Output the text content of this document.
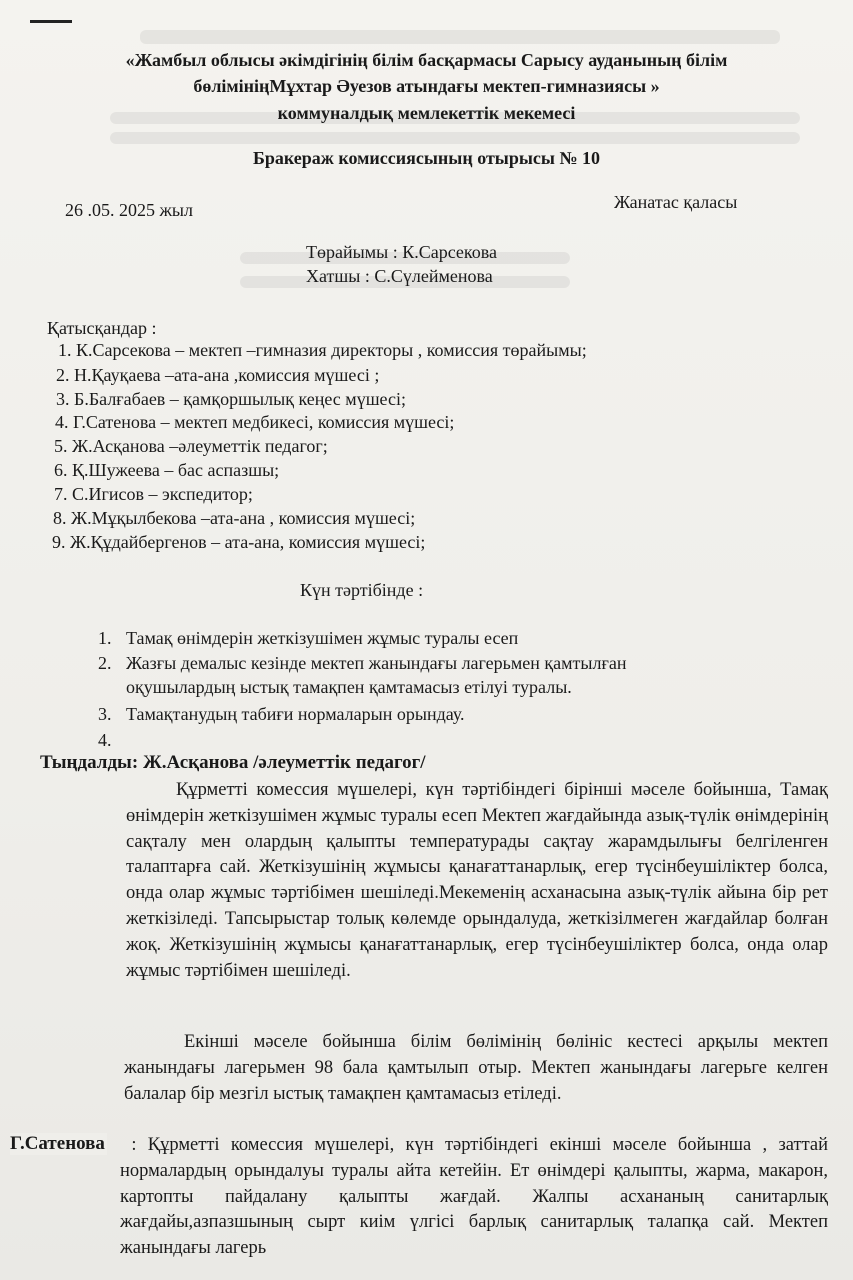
«Жамбыл облысы әкімдігінің білім басқармасы Сарысу ауданының білім
бөлімініңМұхтар Әуезов атындағы мектеп-гимназиясы »
коммуналдық мемлекеттік мекемесі
Бракераж комиссиясының отырысы № 10
26 .05. 2025 жыл	Жанатас қаласы
Төрайымы : К.Сарсекова
Хатшы : С.Сүлейменова
Қатысқандар :
1. К.Сарсекова – мектеп –гимназия директоры , комиссия төрайымы;
2. Н.Қауқаева –ата-ана ,комиссия мүшесі ;
3. Б.Балғабаев – қамқоршылық кеңес мүшесі;
4. Г.Сатенова – мектеп медбикесі, комиссия мүшесі;
5. Ж.Асқанова –әлеуметтік педагог;
6. Қ.Шужеева – бас аспазшы;
7. С.Игисов – экспедитор;
8. Ж.Мұқылбекова –ата-ана , комиссия мүшесі;
9. Ж.Құдайбергенов – ата-ана, комиссия мүшесі;
Күн тәртібінде :
1. Тамақ өнімдерін жеткізушімен жұмыс туралы есеп
2. Жазғы демалыс кезінде мектеп жанындағы лагерьмен қамтылған
оқушылардың ыстық тамақпен қамтамасыз етілуі туралы.
3. Тамақтанудың табиғи нормаларын орындау.
4.
Тыңдалды: Ж.Асқанова /әлеуметтік педагог/
Құрметті комессия мүшелері, күн тәртібіндегі бірінші мәселе бойынша, Тамақ өнімдерін жеткізушімен жұмыс туралы есеп Мектеп жағдайында азық-түлік өнімдерінің сақталу мен олардың қалыпты температурады сақтау жарамдылығы белгіленген талаптарға сай. Жеткізушінің жұмысы қанағаттанарлық, егер түсінбеушіліктер болса, онда олар жұмыс тәртібімен шешіледі.Мекеменің асханасына азық-түлік айына бір рет жеткізіледі. Тапсырыстар толық көлемде орындалуда, жеткізілмеген жағдайлар болған жоқ. Жеткізушінің жұмысы қанағаттанарлық, егер түсінбеушіліктер болса, онда олар жұмыс тәртібімен шешіледі.
Екінші мәселе бойынша білім бөлімінің бөлініс кестесі арқылы мектеп жанындағы лагерьмен 98 бала қамтылып отыр. Мектеп жанындағы лагерьге келген балалар бір мезгіл ыстық тамақпен қамтамасыз етіледі.
: Құрметті комессия мүшелері, күн тәртібіндегі екінші мәселе бойынша , заттай нормалардың орындалуы туралы айта кетейін. Ет өнімдері қалыпты, жарма, макарон, картопты пайдалану қалыпты жағдай. Жалпы асхананың санитарлық жағдайы,азпазшының сырт киім үлгісі барлық санитарлық талапқа сай. Мектеп жанындағы лагерь
Г.Сатенова
